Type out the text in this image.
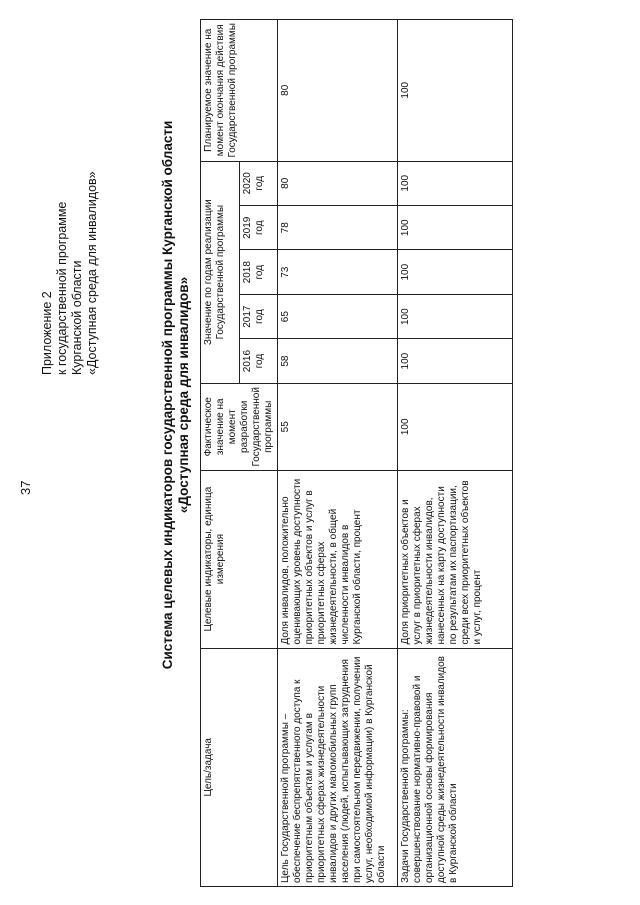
37
Приложение 2 к государственной программе Курганской области «Доступная среда для инвалидов»	Система целевых индикаторов государственной программы Курганской области «Доступная среда для инвалидов»
Цель/задача	Целевые индикаторы, единица измерения	Фактическое значение на момент разработки Государственной программы	Значение по годам реализации Государственной программы					Планируемое значение на момент окончания действия Государственной программы
			2016 год	2017 год	2018 год	2019 год	2020 год	
Цель Государственной программы – обеспечение беспрепятственного доступа к приоритетным объектам и услугам в приоритетных сферах жизнедеятельности инвалидов и других маломобильных групп населения (людей, испытывающих затруднения при самостоятельном передвижении, получении услуг, необходимой информации) в Курганской области	Доля инвалидов, положительно оценивающих уровень доступности приоритетных объектов и услуг в приоритетных сферах жизнедеятельности, в общей численности инвалидов в Курганской области, процент	55	58	65	73	78	80	80
Задачи Государственной программы: совершенствование нормативно-правовой и организационной основы формирования доступной среды жизнедеятельности инвалидов в Курганской области	Доля приоритетных объектов и услуг в приоритетных сферах жизнедеятельности инвалидов, нанесенных на карту доступности по результатам их паспортизации, среди всех приоритетных объектов и услуг, процент	100	100	100	100	100	100	100
